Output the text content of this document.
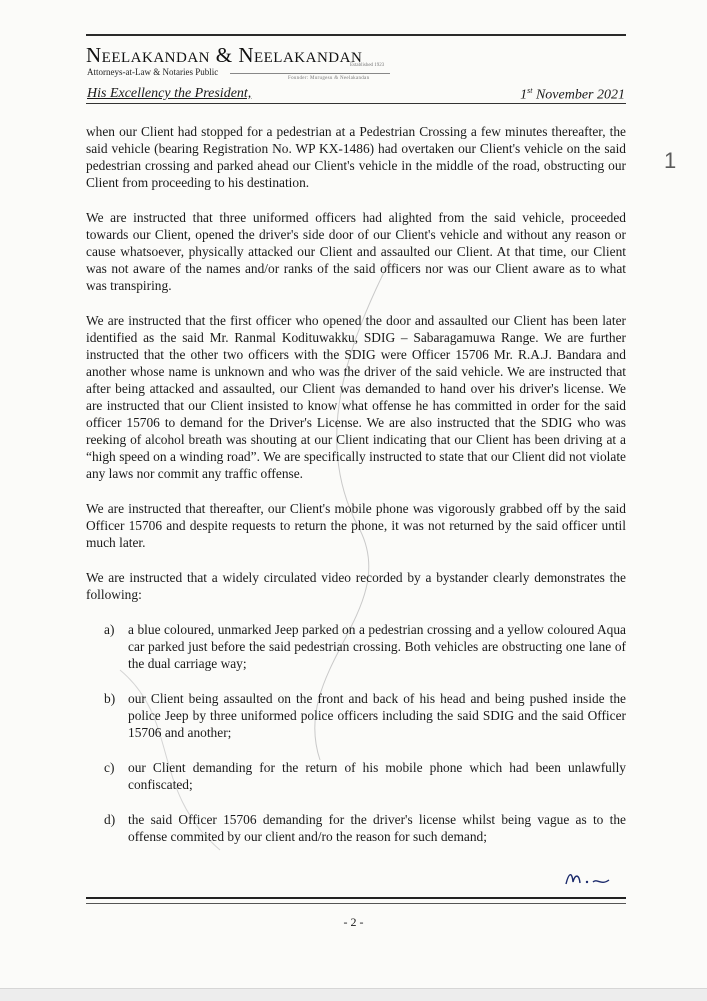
Neelakandan & Neelakandan
Attorneys-at-Law & Notaries Public
Established 1923
Founder: Murugesu & Neelakandan
His Excellency the President,	1st November 2021

when our Client had stopped for a pedestrian at a Pedestrian Crossing a few minutes thereafter, the said vehicle (bearing Registration No. WP KX-1486) had overtaken our Client's vehicle on the said pedestrian crossing and parked ahead our Client's vehicle in the middle of the road, obstructing our Client from proceeding to his destination.

We are instructed that three uniformed officers had alighted from the said vehicle, proceeded towards our Client, opened the driver's side door of our Client's vehicle and without any reason or cause whatsoever, physically attacked our Client and assaulted our Client. At that time, our Client was not aware of the names and/or ranks of the said officers nor was our Client aware as to what was transpiring.

We are instructed that the first officer who opened the door and assaulted our Client has been later identified as the said Mr. Ranmal Kodituwakku, SDIG – Sabaragamuwa Range. We are further instructed that the other two officers with the SDIG were Officer 15706 Mr. R.A.J. Bandara and another whose name is unknown and who was the driver of the said vehicle. We are instructed that after being attacked and assaulted, our Client was demanded to hand over his driver's license. We are instructed that our Client insisted to know what offense he has committed in order for the said officer 15706 to demand for the Driver's License. We are also instructed that the SDIG who was reeking of alcohol breath was shouting at our Client indicating that our Client has been driving at a “high speed on a winding road”. We are specifically instructed to state that our Client did not violate any laws nor commit any traffic offense.

We are instructed that thereafter, our Client's mobile phone was vigorously grabbed off by the said Officer 15706 and despite requests to return the phone, it was not returned by the said officer until much later.

We are instructed that a widely circulated video recorded by a bystander clearly demonstrates the following:

a) a blue coloured, unmarked Jeep parked on a pedestrian crossing and a yellow coloured Aqua car parked just before the said pedestrian crossing. Both vehicles are obstructing one lane of the dual carriage way;
b) our Client being assaulted on the front and back of his head and being pushed inside the police Jeep by three uniformed police officers including the said SDIG and the said Officer 15706 and another;
c) our Client demanding for the return of his mobile phone which had been unlawfully confiscated;
d) the said Officer 15706 demanding for the driver's license whilst being vague as to the offense commited by our client and/ro the reason for such demand;
- 2 -
1
